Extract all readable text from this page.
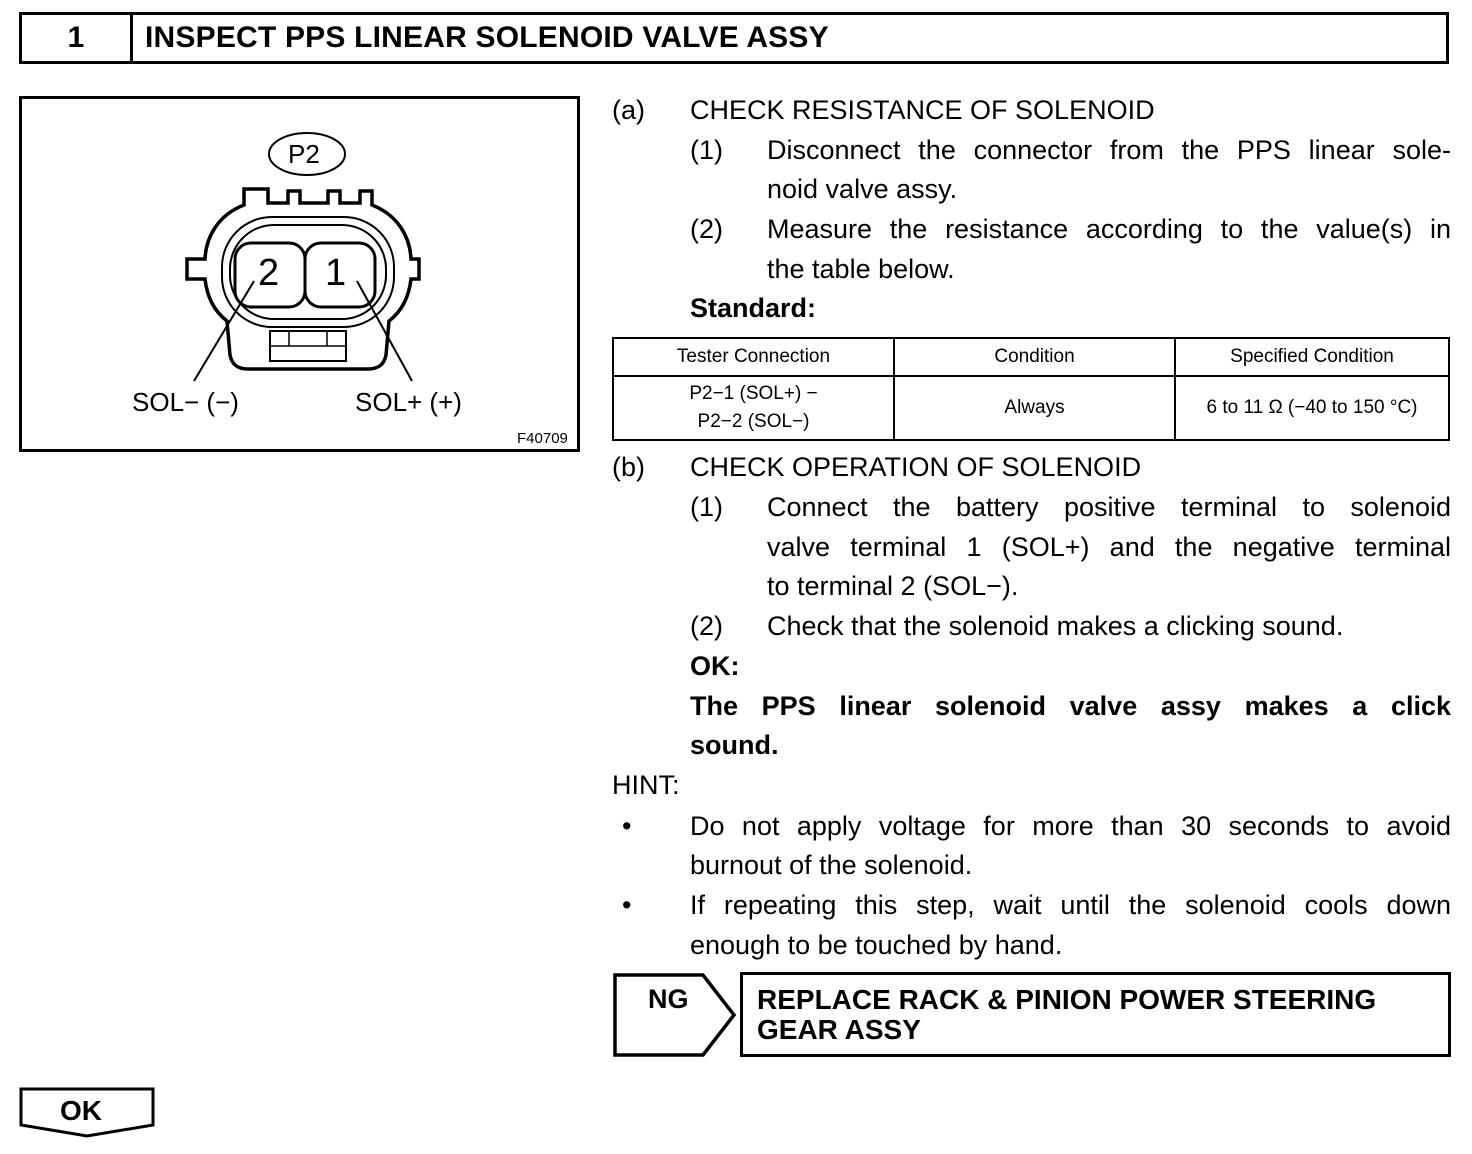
1	INSPECT PPS LINEAR SOLENOID VALVE ASSY
P2
2 1
SOL− (−)	SOL+ (+)
F40709
(a) CHECK RESISTANCE OF SOLENOID
(1) Disconnect the connector from the PPS linear sole-
noid valve assy.
(2) Measure the resistance according to the value(s) in
the table below.
Standard:
Tester Connection	Condition	Specified Condition

P2−1 (SOL+) −
P2−2 (SOL−)	Always	6 to 11 Ω (−40 to 150 °C)
(b) CHECK OPERATION OF SOLENOID
(1) Connect the battery positive terminal to solenoid
valve terminal 1 (SOL+) and the negative terminal
to terminal 2 (SOL−).
(2) Check that the solenoid makes a clicking sound.
OK:
The PPS linear solenoid valve assy makes a click
sound.
HINT:
• Do not apply voltage for more than 30 seconds to avoid
burnout of the solenoid.
• If repeating this step, wait until the solenoid cools down
enough to be touched by hand.
NG REPLACE RACK & PINION POWER STEERING
GEAR ASSY
OK
